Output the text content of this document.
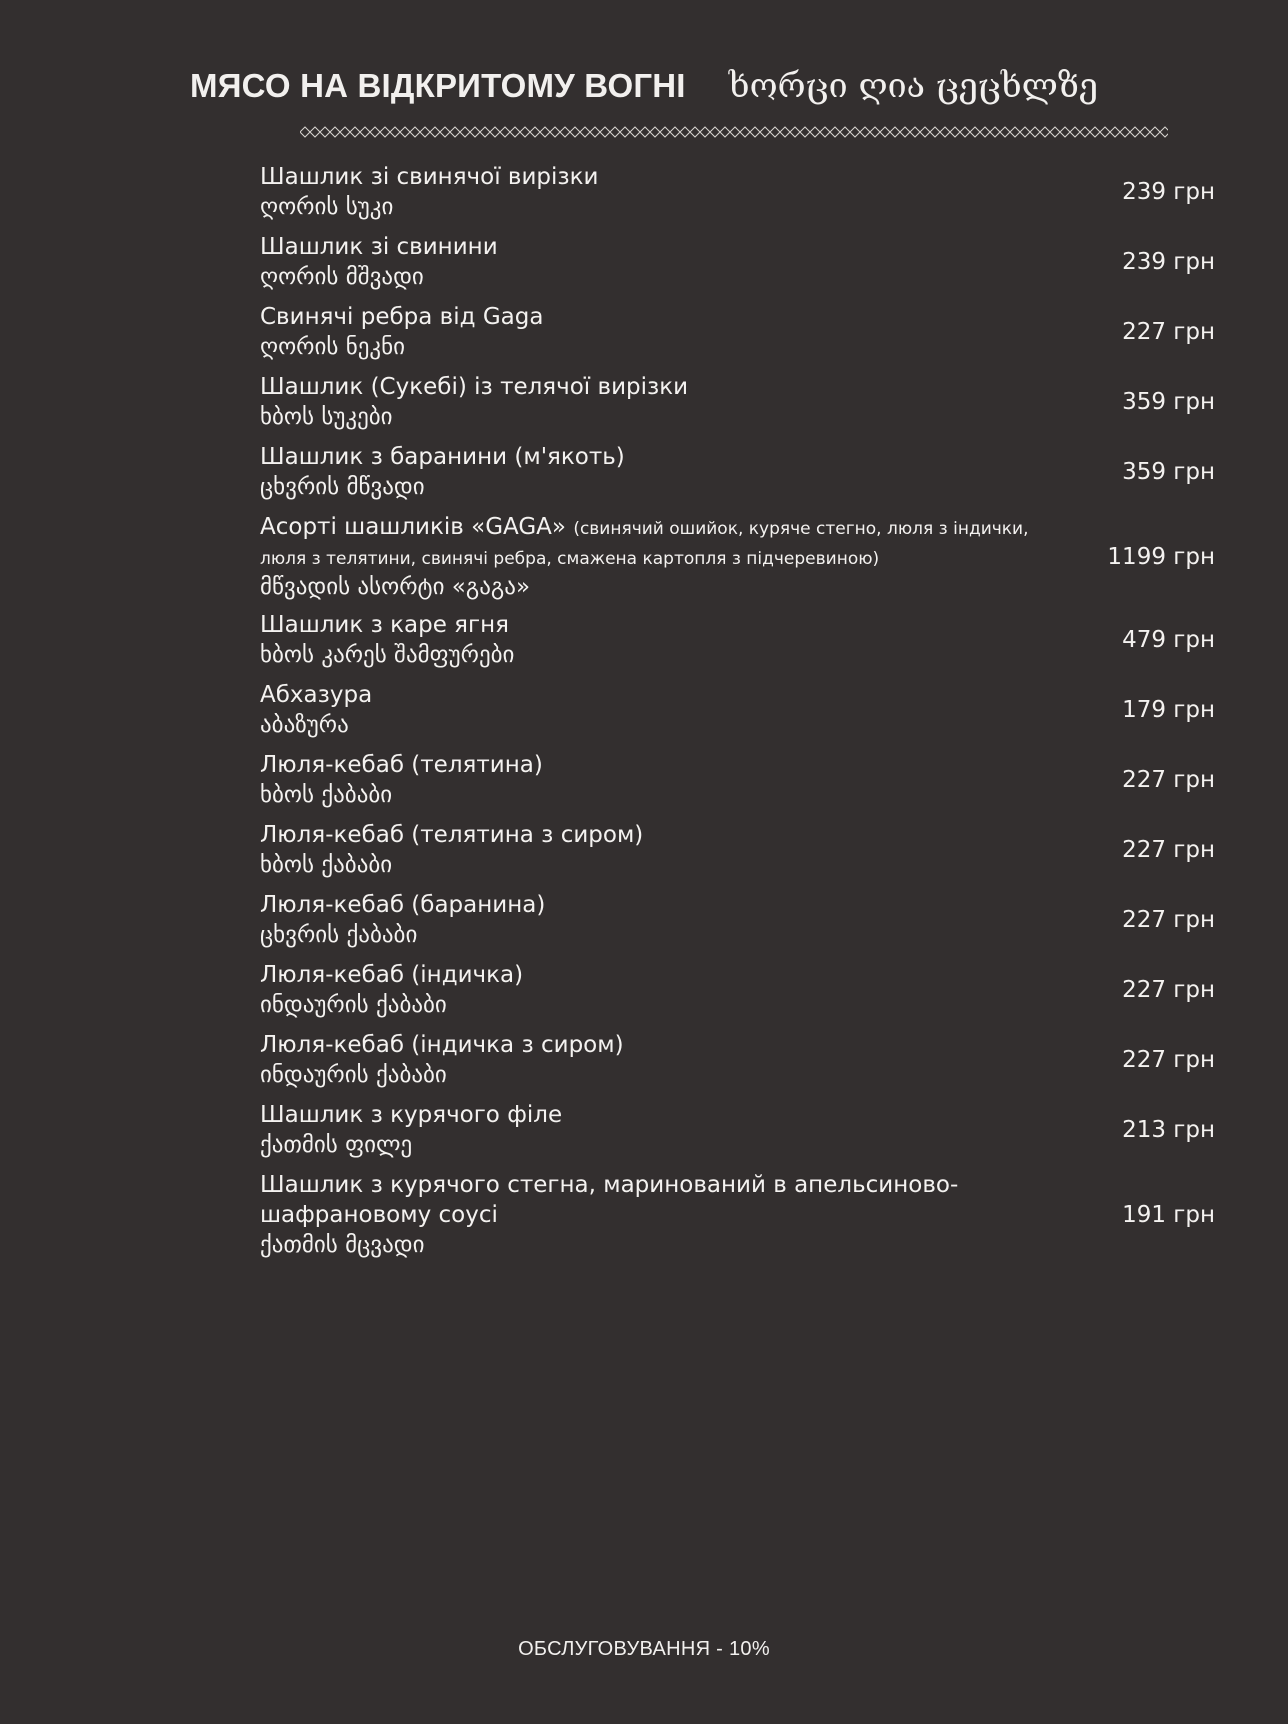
МЯСО НА ВІДКРИТОМУ ВОГНІ ხორცი ღია ცეცხლზე
Шашлик зі свинячої вирізки
ღორის სუკი
239 грн
Шашлик зі свинини
ღორის მშვადი
239 грн
Свинячі ребра від Gaga
ღორის ნეკნი
227 грн
Шашлик (Сукебі) із телячої вирізки
ხბოს სუკები
359 грн
Шашлик з баранини (м'якоть)
ცხვრის მწვადი
359 грн
Асорті шашликів «GAGA» (свинячий ошийок, куряче стегно, люля з індички, люля з телятини, свинячі ребра, смажена картопля з підчеревиною)
მწვადის ასორტი «გაგა»
1199 грн
Шашлик з каре ягня
ხბოს კარეს შამფურები
479 грн
Абхазура
აბაზურა
179 грн
Люля-кебаб (телятина)
ხბოს ქაბაბი
227 грн
Люля-кебаб (телятина з сиром)
ხბოს ქაბაბი
227 грн
Люля-кебаб (баранина)
ცხვრის ქაბაბი
227 грн
Люля-кебаб (індичка)
ინდაურის ქაბაბი
227 грн
Люля-кебаб (індичка з сиром)
ინდაურის ქაბაბი
227 грн
Шашлик з курячого філе
ქათმის ფილე
213 грн
Шашлик з курячого стегна, маринований в апельсиново-шафрановому соусі
ქათმის მცვადი
191 грн
ОБСЛУГОВУВАННЯ - 10%
